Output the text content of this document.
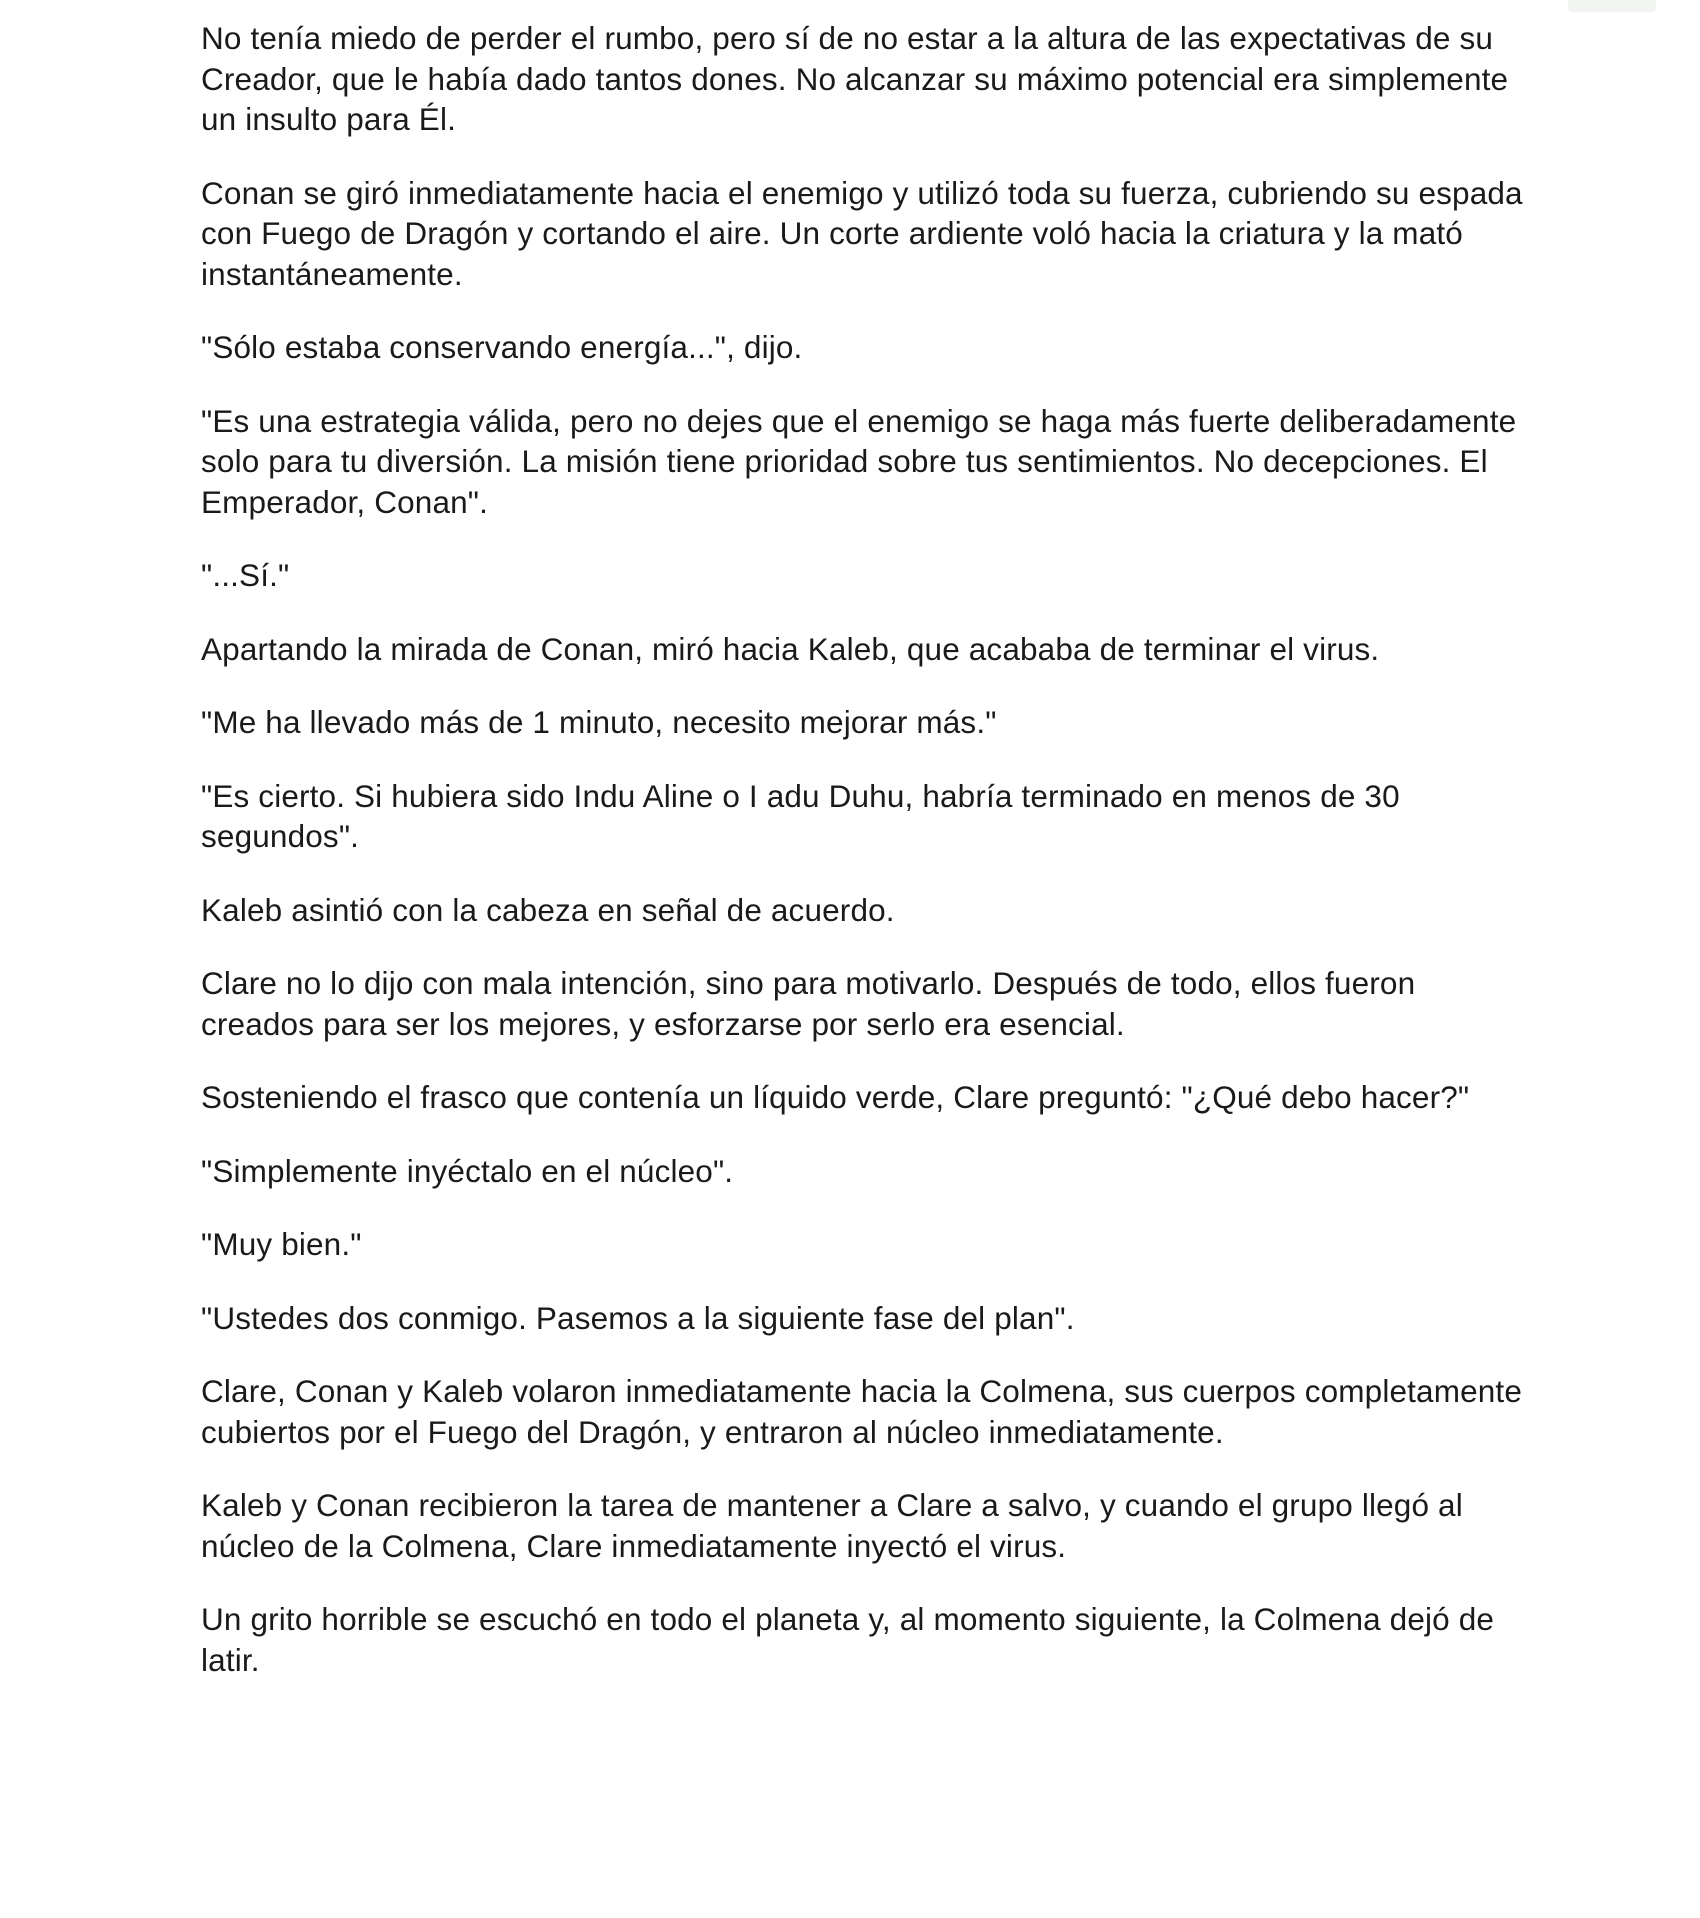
No tenía miedo de perder el rumbo, pero sí de no estar a la altura de las expectativas de su Creador, que le había dado tantos dones. No alcanzar su máximo potencial era simplemente un insulto para Él.

Conan se giró inmediatamente hacia el enemigo y utilizó toda su fuerza, cubriendo su espada con Fuego de Dragón y cortando el aire. Un corte ardiente voló hacia la criatura y la mató instantáneamente.

"Sólo estaba conservando energía...", dijo.

"Es una estrategia válida, pero no dejes que el enemigo se haga más fuerte deliberadamente solo para tu diversión. La misión tiene prioridad sobre tus sentimientos. No decepciones. El Emperador, Conan".

"...Sí."

Apartando la mirada de Conan, miró hacia Kaleb, que acababa de terminar el virus.

"Me ha llevado más de 1 minuto, necesito mejorar más."

"Es cierto. Si hubiera sido Indu Aline o I adu Duhu, habría terminado en menos de 30 segundos".

Kaleb asintió con la cabeza en señal de acuerdo.

Clare no lo dijo con mala intención, sino para motivarlo. Después de todo, ellos fueron creados para ser los mejores, y esforzarse por serlo era esencial.

Sosteniendo el frasco que contenía un líquido verde, Clare preguntó: "¿Qué debo hacer?"

"Simplemente inyéctalo en el núcleo".

"Muy bien."

"Ustedes dos conmigo. Pasemos a la siguiente fase del plan".

Clare, Conan y Kaleb volaron inmediatamente hacia la Colmena, sus cuerpos completamente cubiertos por el Fuego del Dragón, y entraron al núcleo inmediatamente.

Kaleb y Conan recibieron la tarea de mantener a Clare a salvo, y cuando el grupo llegó al núcleo de la Colmena, Clare inmediatamente inyectó el virus.

Un grito horrible se escuchó en todo el planeta y, al momento siguiente, la Colmena dejó de latir.
